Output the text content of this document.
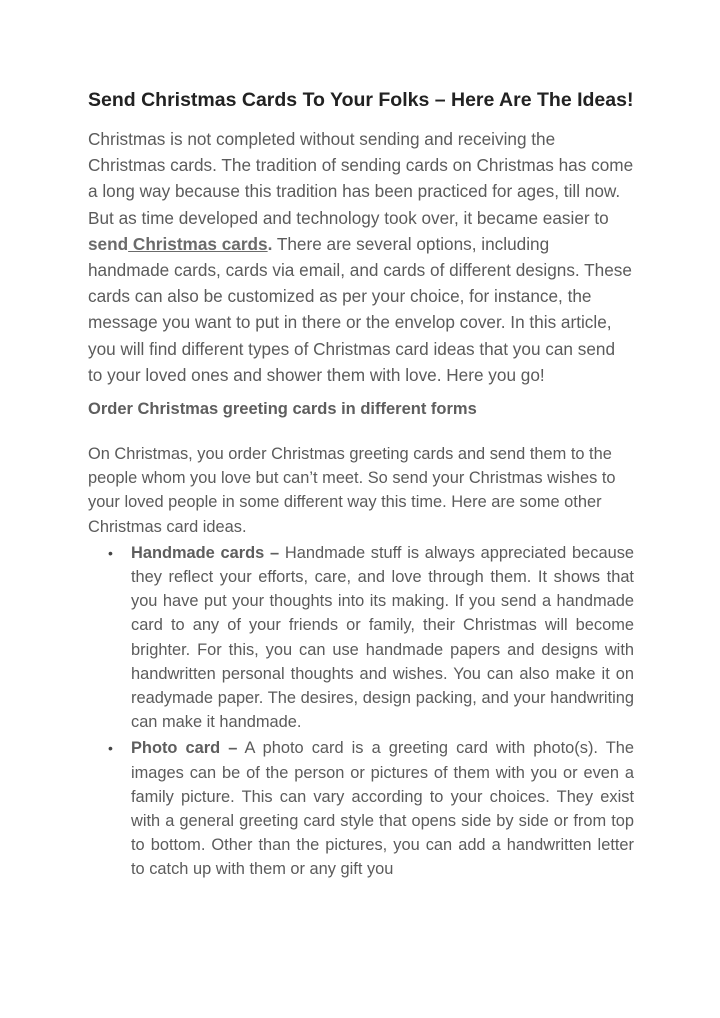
Send Christmas Cards To Your Folks – Here Are The Ideas!

Christmas is not completed without sending and receiving the Christmas cards. The tradition of sending cards on Christmas has come a long way because this tradition has been practiced for ages, till now. But as time developed and technology took over, it became easier to send Christmas cards. There are several options, including handmade cards, cards via email, and cards of different designs. These cards can also be customized as per your choice, for instance, the message you want to put in there or the envelop cover. In this article, you will find different types of Christmas card ideas that you can send to your loved ones and shower them with love. Here you go!

Order Christmas greeting cards in different forms

On Christmas, you order Christmas greeting cards and send them to the people whom you love but can’t meet. So send your Christmas wishes to your loved people in some different way this time. Here are some other Christmas card ideas.

• Handmade cards – Handmade stuff is always appreciated because they reflect your efforts, care, and love through them. It shows that you have put your thoughts into its making. If you send a handmade card to any of your friends or family, their Christmas will become brighter. For this, you can use handmade papers and designs with handwritten personal thoughts and wishes. You can also make it on readymade paper. The desires, design packing, and your handwriting can make it handmade.
• Photo card – A photo card is a greeting card with photo(s). The images can be of the person or pictures of them with you or even a family picture. This can vary according to your choices. They exist with a general greeting card style that opens side by side or from top to bottom. Other than the pictures, you can add a handwritten letter to catch up with them or any gift you
